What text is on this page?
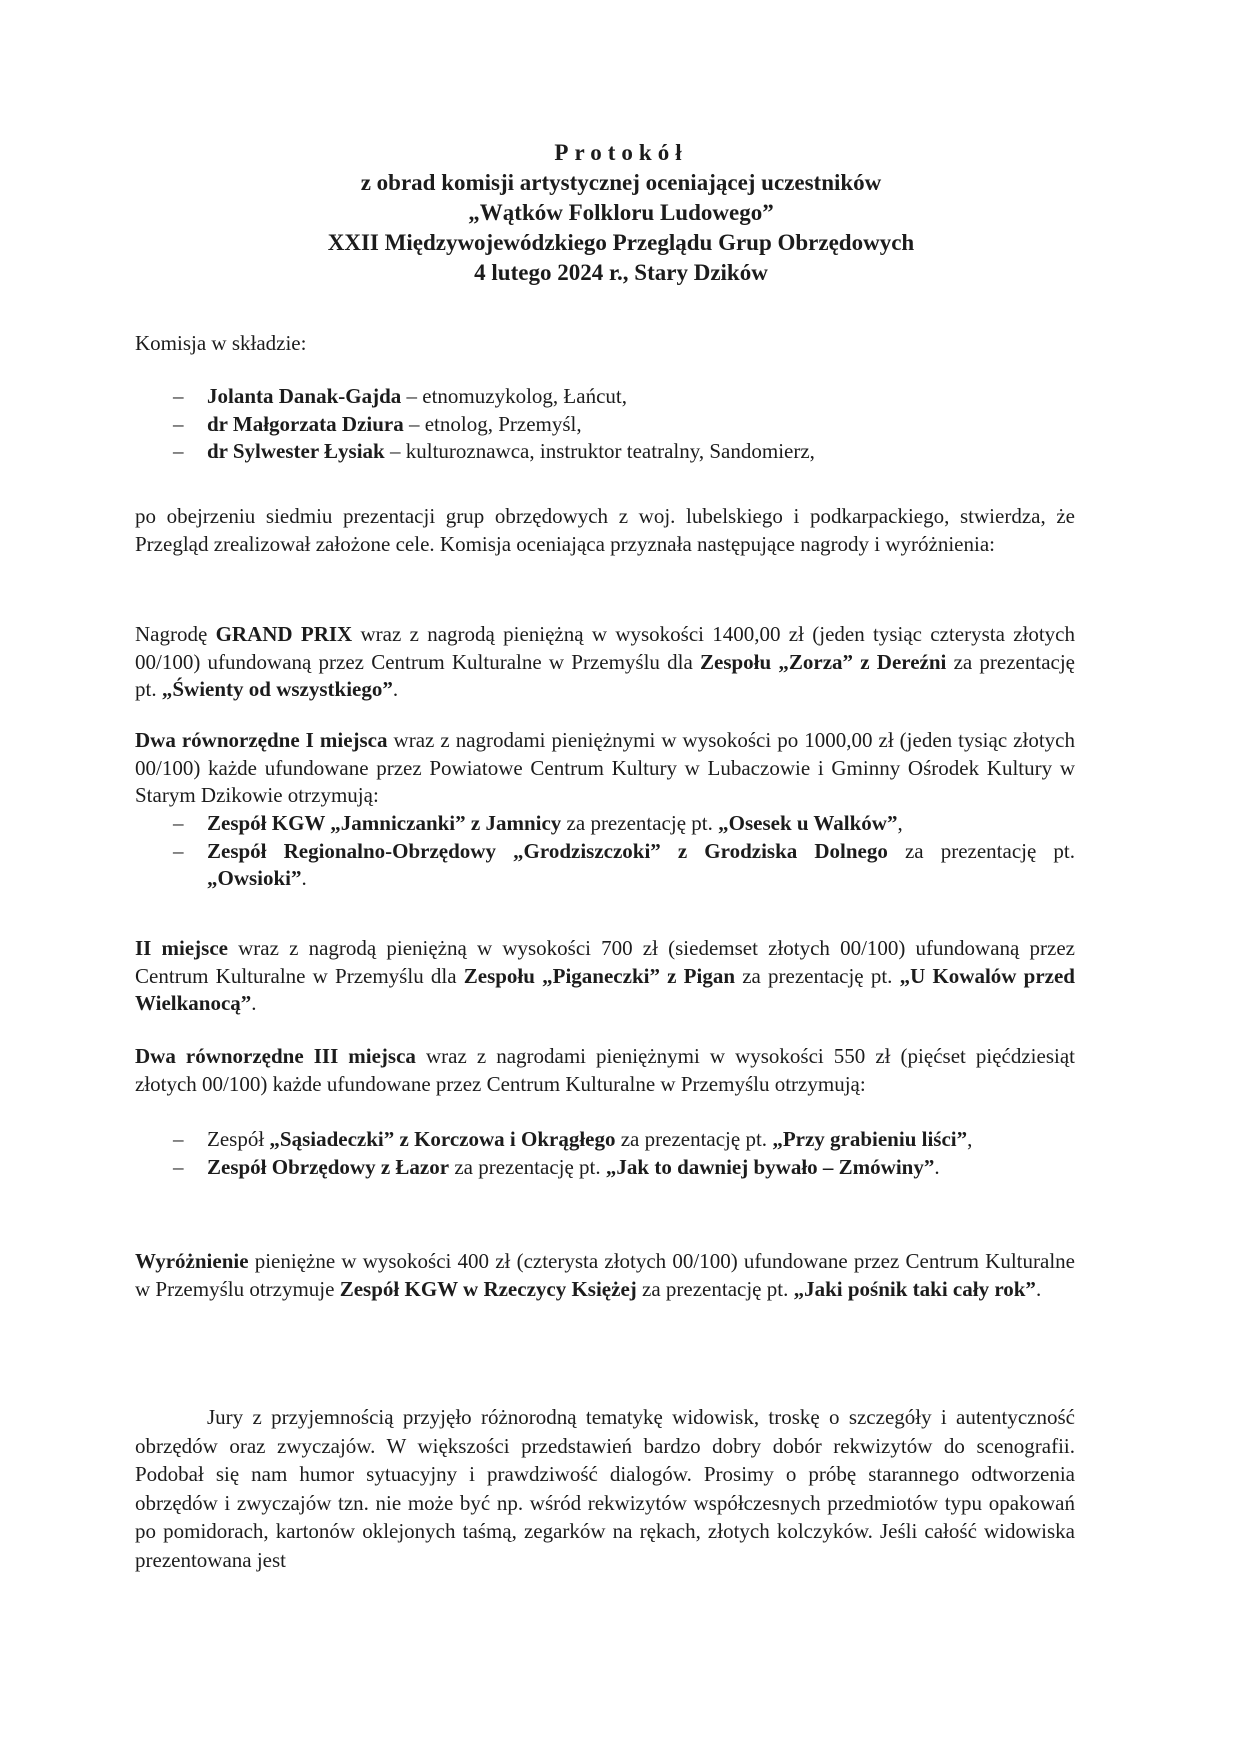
Protokół
z obrad komisji artystycznej oceniającej uczestników
„Wątków Folkloru Ludowego”
XXII Międzywojewódzkiego Przeglądu Grup Obrzędowych
4 lutego 2024 r., Stary Dzików
Komisja w składzie:
– Jolanta Danak-Gajda – etnomuzykolog, Łańcut,
– dr Małgorzata Dziura – etnolog, Przemyśl,
– dr Sylwester Łysiak – kulturoznawca, instruktor teatralny, Sandomierz,
po obejrzeniu siedmiu prezentacji grup obrzędowych z woj. lubelskiego i podkarpackiego, stwierdza, że Przegląd zrealizował założone cele. Komisja oceniająca przyznała następujące nagrody i wyróżnienia:
Nagrodę GRAND PRIX wraz z nagrodą pieniężną w wysokości 1400,00 zł (jeden tysiąc czterysta złotych 00/100) ufundowaną przez Centrum Kulturalne w Przemyślu dla Zespołu „Zorza” z Dereźni za prezentację pt. „Świenty od wszystkiego”.
Dwa równorzędne I miejsca wraz z nagrodami pieniężnymi w wysokości po 1000,00 zł (jeden tysiąc złotych 00/100) każde ufundowane przez Powiatowe Centrum Kultury w Lubaczowie i Gminny Ośrodek Kultury w Starym Dzikowie otrzymują:
– Zespół KGW „Jamniczanki” z Jamnicy za prezentację pt. „Osesek u Walków”,
– Zespół Regionalno-Obrzędowy „Grodziszczoki” z Grodziska Dolnego za prezentację pt. „Owsioki”.
II miejsce wraz z nagrodą pieniężną w wysokości 700 zł (siedemset złotych 00/100) ufundowaną przez Centrum Kulturalne w Przemyślu dla Zespołu „Piganeczki” z Pigan za prezentację pt. „U Kowalów przed Wielkanocą”.
Dwa równorzędne III miejsca wraz z nagrodami pieniężnymi w wysokości 550 zł (pięćset pięćdziesiąt złotych 00/100) każde ufundowane przez Centrum Kulturalne w Przemyślu otrzymują:
– Zespół „Sąsiadeczki” z Korczowa i Okrągłego za prezentację pt. „Przy grabieniu liści”,
– Zespół Obrzędowy z Łazor za prezentację pt. „Jak to dawniej bywało – Zmówiny”.
Wyróżnienie pieniężne w wysokości 400 zł (czterysta złotych 00/100) ufundowane przez Centrum Kulturalne w Przemyślu otrzymuje Zespół KGW w Rzeczycy Księżej za prezentację pt. „Jaki pośnik taki cały rok”.
Jury z przyjemnością przyjęło różnorodną tematykę widowisk, troskę o szczegóły i autentyczność obrzędów oraz zwyczajów. W większości przedstawień bardzo dobry dobór rekwizytów do scenografii. Podobał się nam humor sytuacyjny i prawdziwość dialogów. Prosimy o próbę starannego odtworzenia obrzędów i zwyczajów tzn. nie może być np. wśród rekwizytów współczesnych przedmiotów typu opakowań po pomidorach, kartonów oklejonych taśmą, zegarków na rękach, złotych kolczyków. Jeśli całość widowiska prezentowana jest
